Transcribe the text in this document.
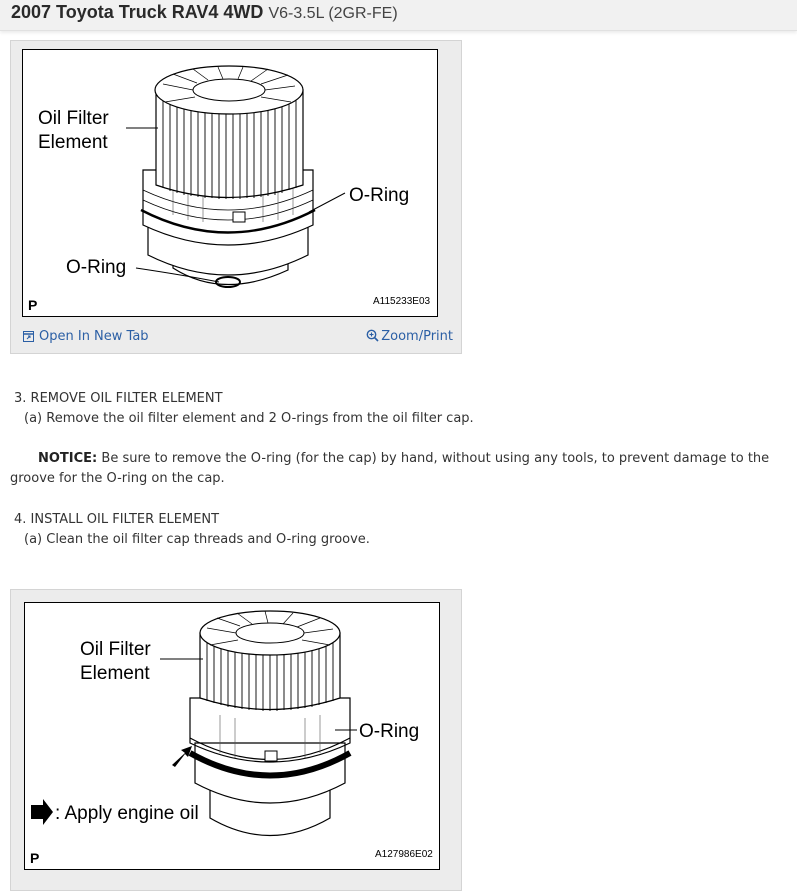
2007 Toyota Truck RAV4 4WD V6-3.5L (2GR-FE)
Oil Filter
Element
O-Ring
O-Ring
P	A115233E03
Open In New Tab	Zoom/Print
3. REMOVE OIL FILTER ELEMENT
(a) Remove the oil filter element and 2 O-rings from the oil filter cap.
NOTICE: Be sure to remove the O-ring (for the cap) by hand, without using any tools, to prevent damage to the groove for the O-ring on the cap.
4. INSTALL OIL FILTER ELEMENT
(a) Clean the oil filter cap threads and O-ring groove.
Oil Filter
Element
O-Ring
: Apply engine oil
P	A127986E02
